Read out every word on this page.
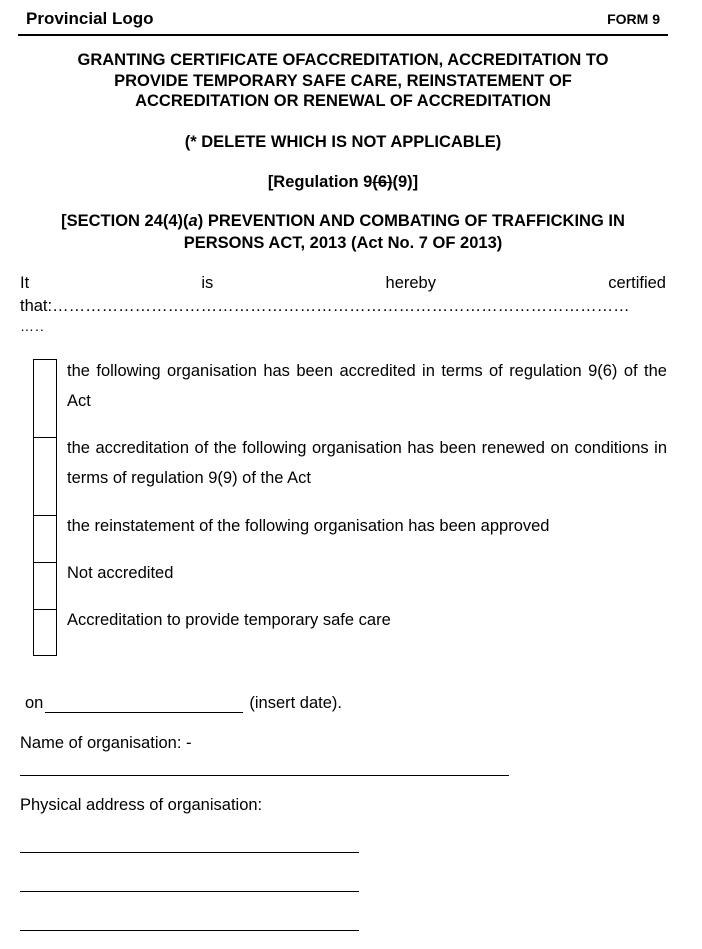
Provincial Logo	FORM 9
GRANTING CERTIFICATE OFACCREDITATION, ACCREDITATION TO
PROVIDE TEMPORARY SAFE CARE, REINSTATEMENT OF
ACCREDITATION OR RENEWAL OF ACCREDITATION
(* DELETE WHICH IS NOT APPLICABLE)
[Regulation 9(6)(9)]
[SECTION 24(4)(a) PREVENTION AND COMBATING OF TRAFFICKING IN
PERSONS ACT, 2013 (Act No. 7 OF 2013)
It	is	hereby	certified
that:……………………………………………………………………………………………
…..
the following organisation has been accredited in terms of regulation 9(6) of the Act
the accreditation of the following organisation has been renewed on conditions in terms of regulation 9(9) of the Act
the reinstatement of the following organisation has been approved
Not accredited
Accreditation to provide temporary safe care
on	(insert date).
Name of organisation: -
Physical address of organisation:
